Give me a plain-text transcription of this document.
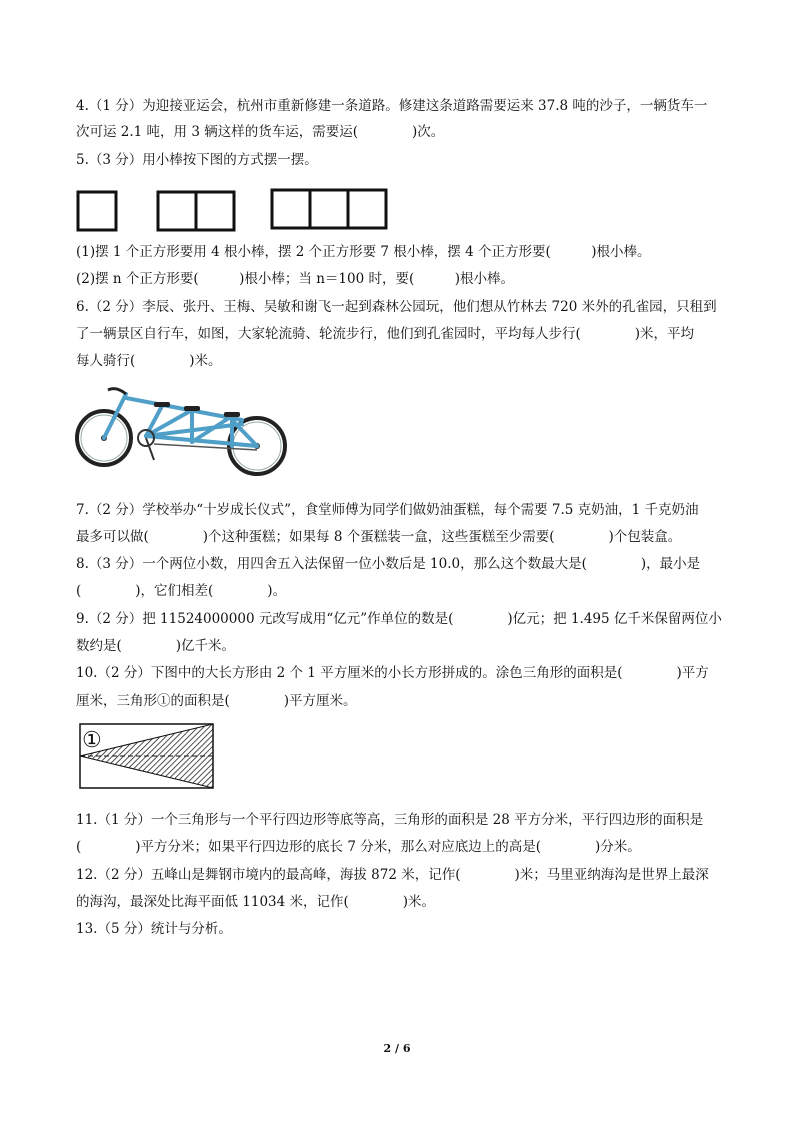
4.（1 分）为迎接亚运会，杭州市重新修建一条道路。修建这条道路需要运来 37.8 吨的沙子，一辆货车一
次可运 2.1 吨，用 3 辆这样的货车运，需要运(　　　　)次。
5.（3 分）用小棒按下图的方式摆一摆。
(1)摆 1 个正方形要用 4 根小棒，摆 2 个正方形要 7 根小棒，摆 4 个正方形要(　　　)根小棒。
(2)摆 n 个正方形要(　　　)根小棒；当 n＝100 时，要(　　　)根小棒。
6.（2 分）李辰、张丹、王梅、吴敏和谢飞一起到森林公园玩，他们想从竹林去 720 米外的孔雀园，只租到
了一辆景区自行车，如图，大家轮流骑、轮流步行，他们到孔雀园时，平均每人步行(　　　　)米，平均
每人骑行(　　　　)米。
7.（2 分）学校举办“十岁成长仪式”，食堂师傅为同学们做奶油蛋糕，每个需要 7.5 克奶油，1 千克奶油
最多可以做(　　　　)个这种蛋糕；如果每 8 个蛋糕装一盒，这些蛋糕至少需要(　　　　)个包装盒。
8.（3 分）一个两位小数，用四舍五入法保留一位小数后是 10.0，那么这个数最大是(　　　　)，最小是
(　　　　)，它们相差(　　　　)。
9.（2 分）把 11524000000 元改写成用“亿元”作单位的数是(　　　　)亿元；把 1.495 亿千米保留两位小
数约是(　　　　)亿千米。
10.（2 分）下图中的大长方形由 2 个 1 平方厘米的小长方形拼成的。涂色三角形的面积是(　　　　)平方
厘米，三角形①的面积是(　　　　)平方厘米。
①
11.（1 分）一个三角形与一个平行四边形等底等高，三角形的面积是 28 平方分米，平行四边形的面积是
(　　　　)平方分米；如果平行四边形的底长 7 分米，那么对应底边上的高是(　　　　)分米。
12.（2 分）五峰山是舞钢市境内的最高峰，海拔 872 米，记作(　　　　)米；马里亚纳海沟是世界上最深
的海沟，最深处比海平面低 11034 米，记作(　　　　)米。
13.（5 分）统计与分析。
2 / 6
